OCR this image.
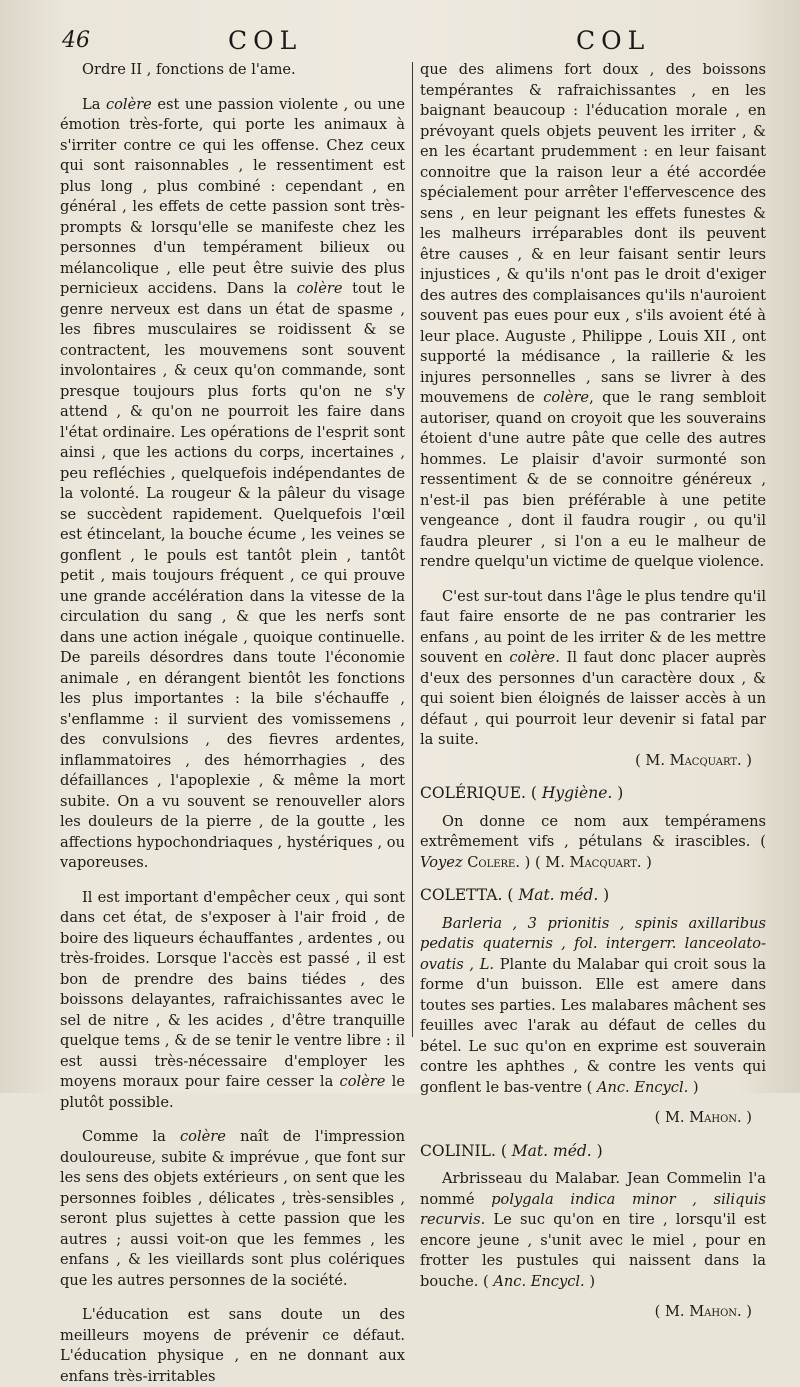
46	COL	COL

Ordre II , fonctions de l'ame.

La colère est une passion violente , ou une émotion très-forte, qui porte les animaux à s'irriter contre ce qui les offense. Chez ceux qui sont raisonnables , le ressentiment est plus long , plus combiné : cependant , en général , les effets de cette passion sont très-prompts & lorsqu'elle se manifeste chez les personnes d'un tempérament bilieux ou mélancolique , elle peut être suivie des plus pernicieux accidens. Dans la colère tout le genre nerveux est dans un état de spasme , les fibres musculaires se roidissent & se contractent, les mouvemens sont souvent involontaires , & ceux qu'on commande, sont presque toujours plus forts qu'on ne s'y attend , & qu'on ne pourroit les faire dans l'état ordinaire. Les opérations de l'esprit sont ainsi , que les actions du corps, incertaines , peu refléchies , quelquefois indépendantes de la volonté. La rougeur & la pâleur du visage se succèdent rapidement. Quelquefois l'œil est étincelant, la bouche écume , les veines se gonflent , le pouls est tantôt plein , tantôt petit , mais toujours fréquent , ce qui prouve une grande accélération dans la vitesse de la circulation du sang , & que les nerfs sont dans une action inégale , quoique continuelle. De pareils désordres dans toute l'économie animale , en dérangent bientôt les fonctions les plus importantes : la bile s'échauffe , s'enflamme : il survient des vomissemens , des convulsions , des fievres ardentes, inflammatoires , des hémorrhagies , des défaillances , l'apoplexie , & même la mort subite. On a vu souvent se renouveller alors les douleurs de la pierre , de la goutte , les affections hypochondriaques , hystériques , ou vaporeuses.

Il est important d'empêcher ceux , qui sont dans cet état, de s'exposer à l'air froid , de boire des liqueurs échauffantes , ardentes , ou très-froides. Lorsque l'accès est passé , il est bon de prendre des bains tiédes , des boissons delayantes, rafraichissantes avec le sel de nitre , & les acides , d'être tranquille quelque tems , & de se tenir le ventre libre : il est aussi très-nécessaire d'employer les moyens moraux pour faire cesser la colère le plutôt possible.

Comme la colère naît de l'impression douloureuse, subite & imprévue , que font sur les sens des objets extérieurs , on sent que les personnes foibles , délicates , très-sensibles , seront plus sujettes à cette passion que les autres ; aussi voit-on que les femmes , les enfans , & les vieillards sont plus colériques que les autres personnes de la société.

L'éducation est sans doute un des meilleurs moyens de prévenir ce défaut. L'éducation physique , en ne donnant aux enfans très-irritables

que des alimens fort doux , des boissons tempérantes & rafraichissantes , en les baignant beaucoup : l'éducation morale , en prévoyant quels objets peuvent les irriter , & en les écartant prudemment : en leur faisant connoitre que la raison leur a été accordée spécialement pour arrêter l'effervescence des sens , en leur peignant les effets funestes & les malheurs irréparables dont ils peuvent être causes , & en leur faisant sentir leurs injustices , & qu'ils n'ont pas le droit d'exiger des autres des complaisances qu'ils n'auroient souvent pas eues pour eux , s'ils avoient été à leur place. Auguste , Philippe , Louis XII , ont supporté la médisance , la raillerie & les injures personnelles , sans se livrer à des mouvemens de colère, que le rang sembloit autoriser, quand on croyoit que les souverains étoient d'une autre pâte que celle des autres hommes. Le plaisir d'avoir surmonté son ressentiment & de se connoitre généreux , n'est-il pas bien préférable à une petite vengeance , dont il faudra rougir , ou qu'il faudra pleurer , si l'on a eu le malheur de rendre quelqu'un victime de quelque violence.

C'est sur-tout dans l'âge le plus tendre qu'il faut faire ensorte de ne pas contrarier les enfans , au point de les irriter & de les mettre souvent en colère. Il faut donc placer auprès d'eux des personnes d'un caractère doux , & qui soient bien éloignés de laisser accès à un défaut , qui pourroit leur devenir si fatal par la suite.

( M. Macquart. )

COLÉRIQUE. ( Hygiène. )

On donne ce nom aux tempéramens extrêmement vifs , pétulans & irascibles. ( Voyez Colere. ) ( M. Macquart. )

COLETTA. ( Mat. méd. )

Barleria , 3 prionitis , spinis axillaribus pedatis quaternis , fol. intergerr. lanceolato-ovatis , L. Plante du Malabar qui croit sous la forme d'un buisson. Elle est amere dans toutes ses parties. Les malabares mâchent ses feuilles avec l'arak au défaut de celles du bétel. Le suc qu'on en exprime est souverain contre les aphthes , & contre les vents qui gonflent le bas-ventre ( Anc. Encycl. )

( M. Mahon. )

COLINIL. ( Mat. méd. )

Arbrisseau du Malabar. Jean Commelin l'a nommé polygala indica minor , siliquis recurvis. Le suc qu'on en tire , lorsqu'il est encore jeune , s'unit avec le miel , pour en frotter les pustules qui naissent dans la bouche. ( Anc. Encycl. )

( M. Mahon. )
